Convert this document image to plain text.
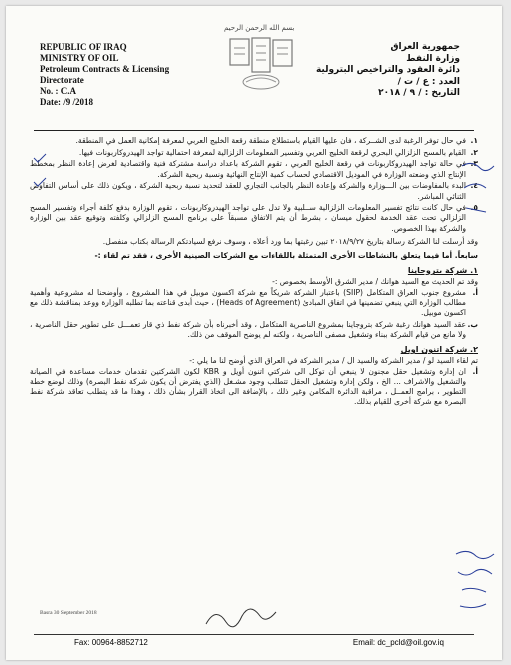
بسم الله الرحمن الرحيم
REPUBLIC OF IRAQ
MINISTRY OF OIL
Petroleum Contracts & Licensing
Directorate
No. : C.A
Date: /9 /2018
جمهورية العراق
وزارة النفط
دائرة العقود والتراخيص البترولية
العدد : ع / ت /
التاريخ : / ٩ / ٢٠١٨
١.
في حال توفر الرغبة لدى الشــركة ، فان عليها القيام باستطلاع منطقة رقعة الخليج العربي لمعرفة إمكانية العمل في المنطقة.
٢.
القيام بالمسح الزلزالي البحري لرقعة الخليج العربي وتفسير المعلومات الزلزالية لمعرفة احتمالية تواجد الهيدروكاربونات فيها.
٣.
في حالة تواجد الهيدروكاربونات في رقعة الخليج العربي ، تقوم الشركة باعداد دراسة مشتركة فنية واقتصادية لغرض إعادة النظر بمخطط الإنتاج الذي وضعته الوزارة في الموديل الاقتصادي لحساب كمية الإنتاج النهائية ونسبة ربحية الشركة.
٤.
البدء بالمفاوضات بين الـــوزارة والشركة وإعادة النظر بالجانب التجاري للعقد لتحديد نسبة ربحية الشركة ، ويكون ذلك على أساس التفاوض الثنائي المباشر.
٥.
في حال كانت نتائج تفسير المعلومات الزلزالية ســلبية ولا تدل على تواجد الهيدروكاربونات ، تقوم الوزارة بدفع كلفة أجراء وتفسير المسح الزلزالي تحت عقد الخدمة لحقول ميسان ، بشرط أن يتم الاتفاق مسبقاً على برنامج المسح الزلزالي وكلفته وتوقيع عقد بين الوزارة والشركة بهذا الخصوص.
وقد أرسلت لنا الشركة رسالة بتاريخ ٢٠١٨/٩/٢٧ تبين رغبتها بما ورد أعلاه ، وسوف نرفع لسيادتكم الرسالة بكتاب منفصل.
سابعاً. أما فيما يتعلق بالنشاطات الأخرى المتمثلة باللقاءات مع الشركات الصينية الأخرى ، فقد تم لقاء :-
١. شركة بتروجاينا
وقد تم الحديث مع السيد هوانك / مدير الشرق الأوسط بخصوص :-
أ.
مشروع جنوب العراق المتكامل (SIIP) باعتبار الشركة شريكاً مع شركة اكسون موبيل في هذا المشروع ، وأوضحنا له مشروعية وأهمية مطالب الوزارة التي ينبغي تضمينها في اتفاق المبادئ (Heads of Agreement) ، حيث أبدى قناعته بما تطلبه الوزارة ووعد بمناقشة ذلك مع اكسون موبيل.
ب.
عقد السيد هوانك رغبة شركة بتروجاينا بمشروع الناصرية المتكامل ، وقد أخبرناه بأن شركة نفط ذي قار تعمـــل على تطوير حقل الناصرية ، ولا مانع من قيام الشركة ببناء وتشغيل مصفى الناصرية ، ولكنه لم يوضح الموقف من ذلك.
٢. شركة اتنون اويل
تم لقاء السيد لو / مدير الشركة والسيد ال / مدير الشركة في العراق الذي أوضح لنا ما يلي :-
أ.
ان إدارة وتشغيل حقل مجنون لا ينبغي أن توكل الى شركتي اتنون أويل و KBR لكون الشركتين تقدمان خدمات مساعدة في الصيانة والتشغيل والاشراف ... الخ ، ولكن إدارة وتشغيل الحقل تتطلب وجود مشـغل (الذي يفترض أن يكون شركة نفط البصرة) وذلك لوضع خطة التطوير ، برامج العمــل ، مراقبة الدائرة المكامن وغير ذلك ، بالإضافة الى اتخاذ القرار بشأن ذلك ، وهذا ما قد يتطلب تعاقد شركة نفط البصرة مع شركة أخرى للقيام بذلك.
Basra 30 September 2018
Fax: 00964-8852712	Email: dc_pcld@oil.gov.iq
